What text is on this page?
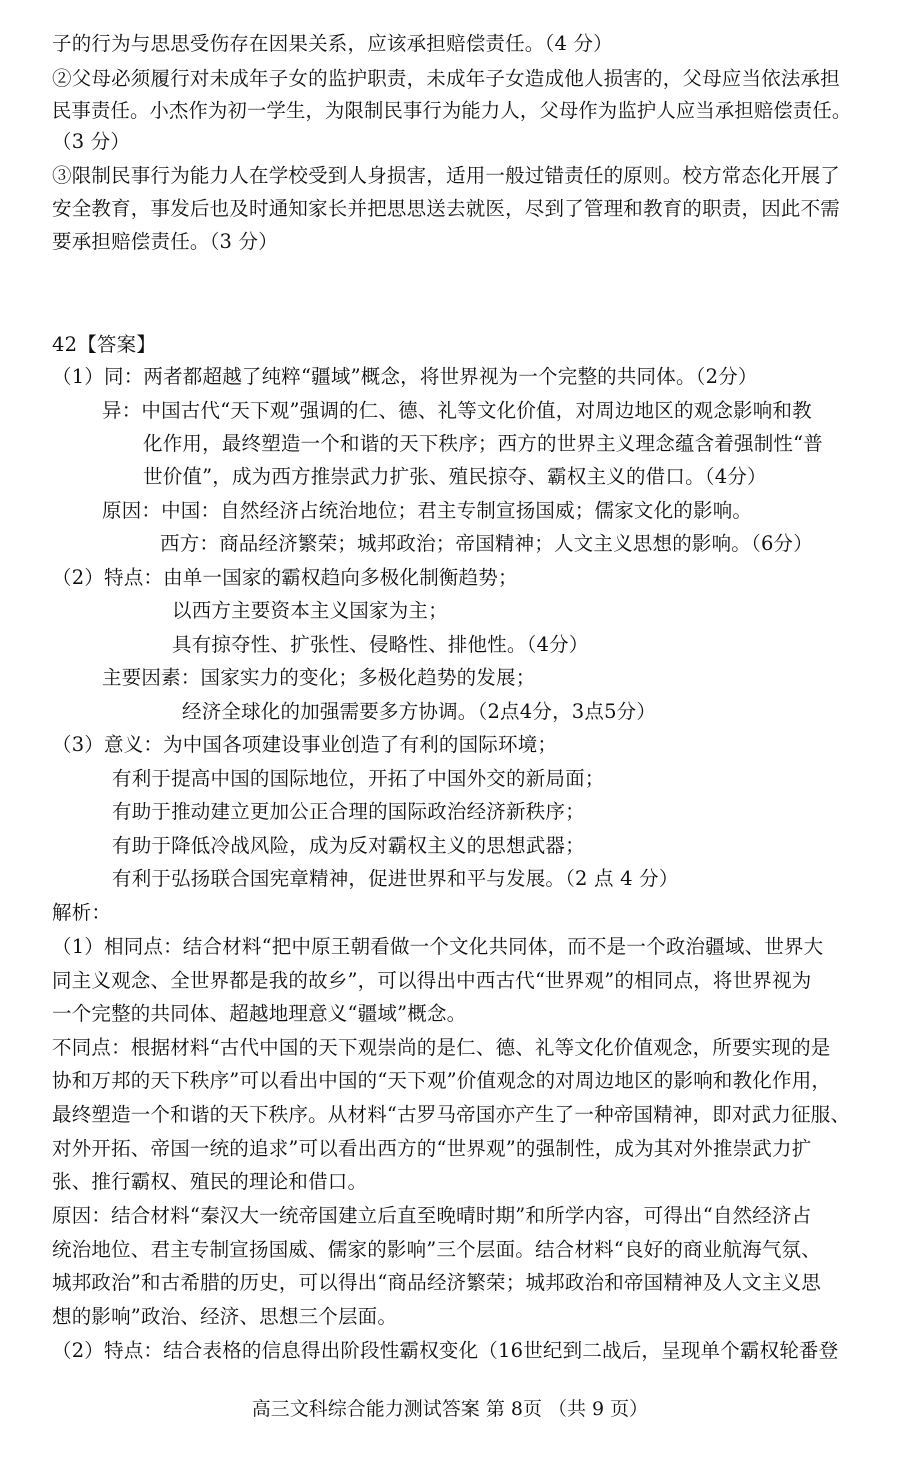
子的行为与思思受伤存在因果关系，应该承担赔偿责任。（4 分）
②父母必须履行对未成年子女的监护职责，未成年子女造成他人损害的，父母应当依法承担
民事责任。小杰作为初一学生，为限制民事行为能力人，父母作为监护人应当承担赔偿责任。
（3 分）
③限制民事行为能力人在学校受到人身损害，适用一般过错责任的原则。校方常态化开展了
安全教育，事发后也及时通知家长并把思思送去就医，尽到了管理和教育的职责，因此不需
要承担赔偿责任。（3 分）
42【答案】
（1）同：两者都超越了纯粹“疆域”概念，将世界视为一个完整的共同体。（2分）
异：中国古代“天下观”强调的仁、德、礼等文化价值，对周边地区的观念影响和教
化作用，最终塑造一个和谐的天下秩序；西方的世界主义理念蕴含着强制性“普
世价值”，成为西方推崇武力扩张、殖民掠夺、霸权主义的借口。（4分）
原因：中国：自然经济占统治地位；君主专制宣扬国威；儒家文化的影响。
西方：商品经济繁荣；城邦政治；帝国精神；人文主义思想的影响。（6分）
（2）特点：由单一国家的霸权趋向多极化制衡趋势；
以西方主要资本主义国家为主；
具有掠夺性、扩张性、侵略性、排他性。（4分）
主要因素：国家实力的变化；多极化趋势的发展；
经济全球化的加强需要多方协调。（2点4分，3点5分）
（3）意义：为中国各项建设事业创造了有利的国际环境；
有利于提高中国的国际地位，开拓了中国外交的新局面；
有助于推动建立更加公正合理的国际政治经济新秩序；
有助于降低冷战风险，成为反对霸权主义的思想武器；
有利于弘扬联合国宪章精神，促进世界和平与发展。（2 点 4 分）
解析：
（1）相同点：结合材料“把中原王朝看做一个文化共同体，而不是一个政治疆域、世界大
同主义观念、全世界都是我的故乡”，可以得出中西古代“世界观”的相同点，将世界视为
一个完整的共同体、超越地理意义“疆域”概念。
不同点：根据材料“古代中国的天下观崇尚的是仁、德、礼等文化价值观念，所要实现的是
协和万邦的天下秩序”可以看出中国的“天下观”价值观念的对周边地区的影响和教化作用，
最终塑造一个和谐的天下秩序。从材料“古罗马帝国亦产生了一种帝国精神，即对武力征服、
对外开拓、帝国一统的追求”可以看出西方的“世界观”的强制性，成为其对外推崇武力扩
张、推行霸权、殖民的理论和借口。
原因：结合材料“秦汉大一统帝国建立后直至晚晴时期”和所学内容，可得出“自然经济占
统治地位、君主专制宣扬国威、儒家的影响”三个层面。结合材料“良好的商业航海气氛、
城邦政治”和古希腊的历史，可以得出“商品经济繁荣；城邦政治和帝国精神及人文主义思
想的影响”政治、经济、思想三个层面。
（2）特点：结合表格的信息得出阶段性霸权变化（16世纪到二战后，呈现单个霸权轮番登
高三文科综合能力测试答案 第 8页 （共 9 页）
